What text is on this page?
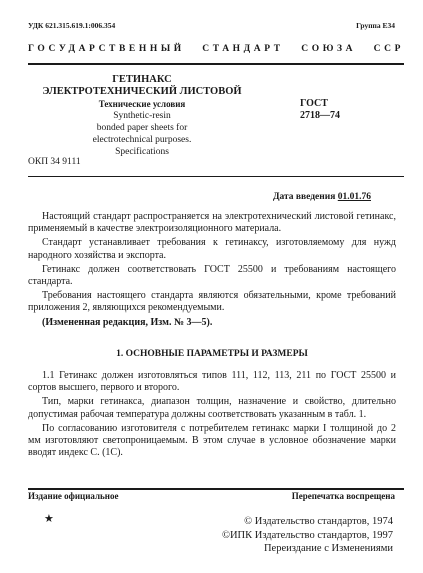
УДК 621.315.619.1:006.354	Группа Е34
ГОСУДАРСТВЕННЫЙ СТАНДАРТ СОЮЗА ССР
ГЕТИНАКС
ЭЛЕКТРОТЕХНИЧЕСКИЙ ЛИСТОВОЙ
Технические условия
Synthetic-resin
bonded paper sheets for
electrotechnical purposes.
Specifications
ГОСТ
2718—74
ОКП 34 9111
Дата введения 01.01.76

Настоящий стандарт распространяется на электротехнический листовой гетинакс, применяемый в качестве электроизоляционного материала.

Стандарт устанавливает требования к гетинаксу, изготовляемому для нужд народного хозяйства и экспорта.

Гетинакс должен соответствовать ГОСТ 25500 и требованиям настоящего стандарта.

Требования настоящего стандарта являются обязательными, кроме требований приложения 2, являющихся рекомендуемыми.

(Измененная редакция, Изм. № 3—5).

1. ОСНОВНЫЕ ПАРАМЕТРЫ И РАЗМЕРЫ

1.1 Гетинакс должен изготовляться типов 111, 112, 113, 211 по ГОСТ 25500 и сортов высшего, первого и второго.

Тип, марки гетинакса, диапазон толщин, назначение и свойство, длительно допустимая рабочая температура должны соответствовать указанным в табл. 1.

По согласованию изготовителя с потребителем гетинакс марки I толщиной до 2 мм изготовляют светопроницаемым. В этом случае в условное обозначение марки вводят индекс С. (1С).

Издание официальное	Перепечатка воспрещена
★	© Издательство стандартов, 1974
©ИПК Издательство стандартов, 1997
Переиздание с Изменениями
